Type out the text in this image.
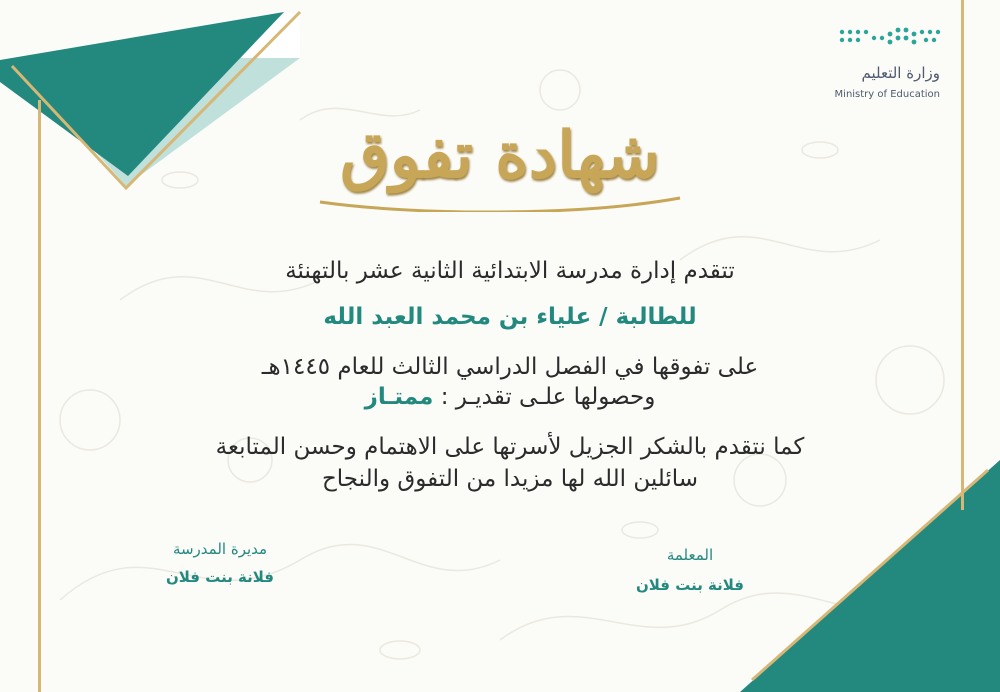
وزارة التعليم
Ministry of Education
شهادة تفوق
تتقدم إدارة مدرسة الابتدائية الثانية عشر بالتهنئة
للطالبة / علياء بن محمد العبد الله
على تفوقها في الفصل الدراسي الثالث للعام ١٤٤٥هـ
وحصولها علـى تقديـر : ممتـاز
كما نتقدم بالشكر الجزيل لأسرتها على الاهتمام وحسن المتابعة
سائلين الله لها مزيدا من التفوق والنجاح
مديرة المدرسة
فلانة بنت فلان
المعلمة
فلانة بنت فلان
